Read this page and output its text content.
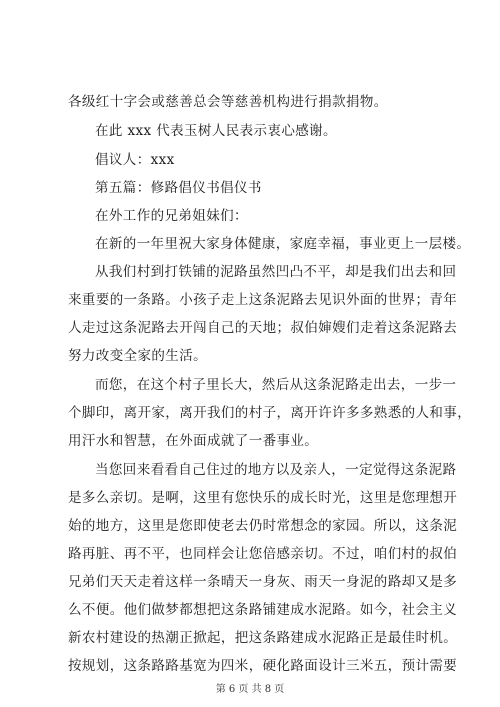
各级红十字会或慈善总会等慈善机构进行捐款捐物。
在此 xxx 代表玉树人民表示衷心感谢。
倡议人：xxx
第五篇：修路倡仪书倡仪书
在外工作的兄弟姐妹们：
在新的一年里祝大家身体健康，家庭幸福，事业更上一层楼。
从我们村到打铁铺的泥路虽然凹凸不平，却是我们出去和回
来重要的一条路。小孩子走上这条泥路去见识外面的世界；青年
人走过这条泥路去开闯自己的天地；叔伯婶嫂们走着这条泥路去
努力改变全家的生活。
而您，在这个村子里长大，然后从这条泥路走出去，一步一
个脚印，离开家，离开我们的村子，离开许许多多熟悉的人和事，
用汗水和智慧，在外面成就了一番事业。
当您回来看看自己住过的地方以及亲人，一定觉得这条泥路
是多么亲切。是啊，这里有您快乐的成长时光，这里是您理想开
始的地方，这里是您即使老去仍时常想念的家园。所以，这条泥
路再脏、再不平，也同样会让您倍感亲切。不过，咱们村的叔伯
兄弟们天天走着这样一条晴天一身灰、雨天一身泥的路却又是多
么不便。他们做梦都想把这条路铺建成水泥路。如今，社会主义
新农村建设的热潮正掀起，把这条路建成水泥路正是最佳时机。
按规划，这条路路基宽为四米，硬化路面设计三米五，预计需要
第 6 页 共 8 页
